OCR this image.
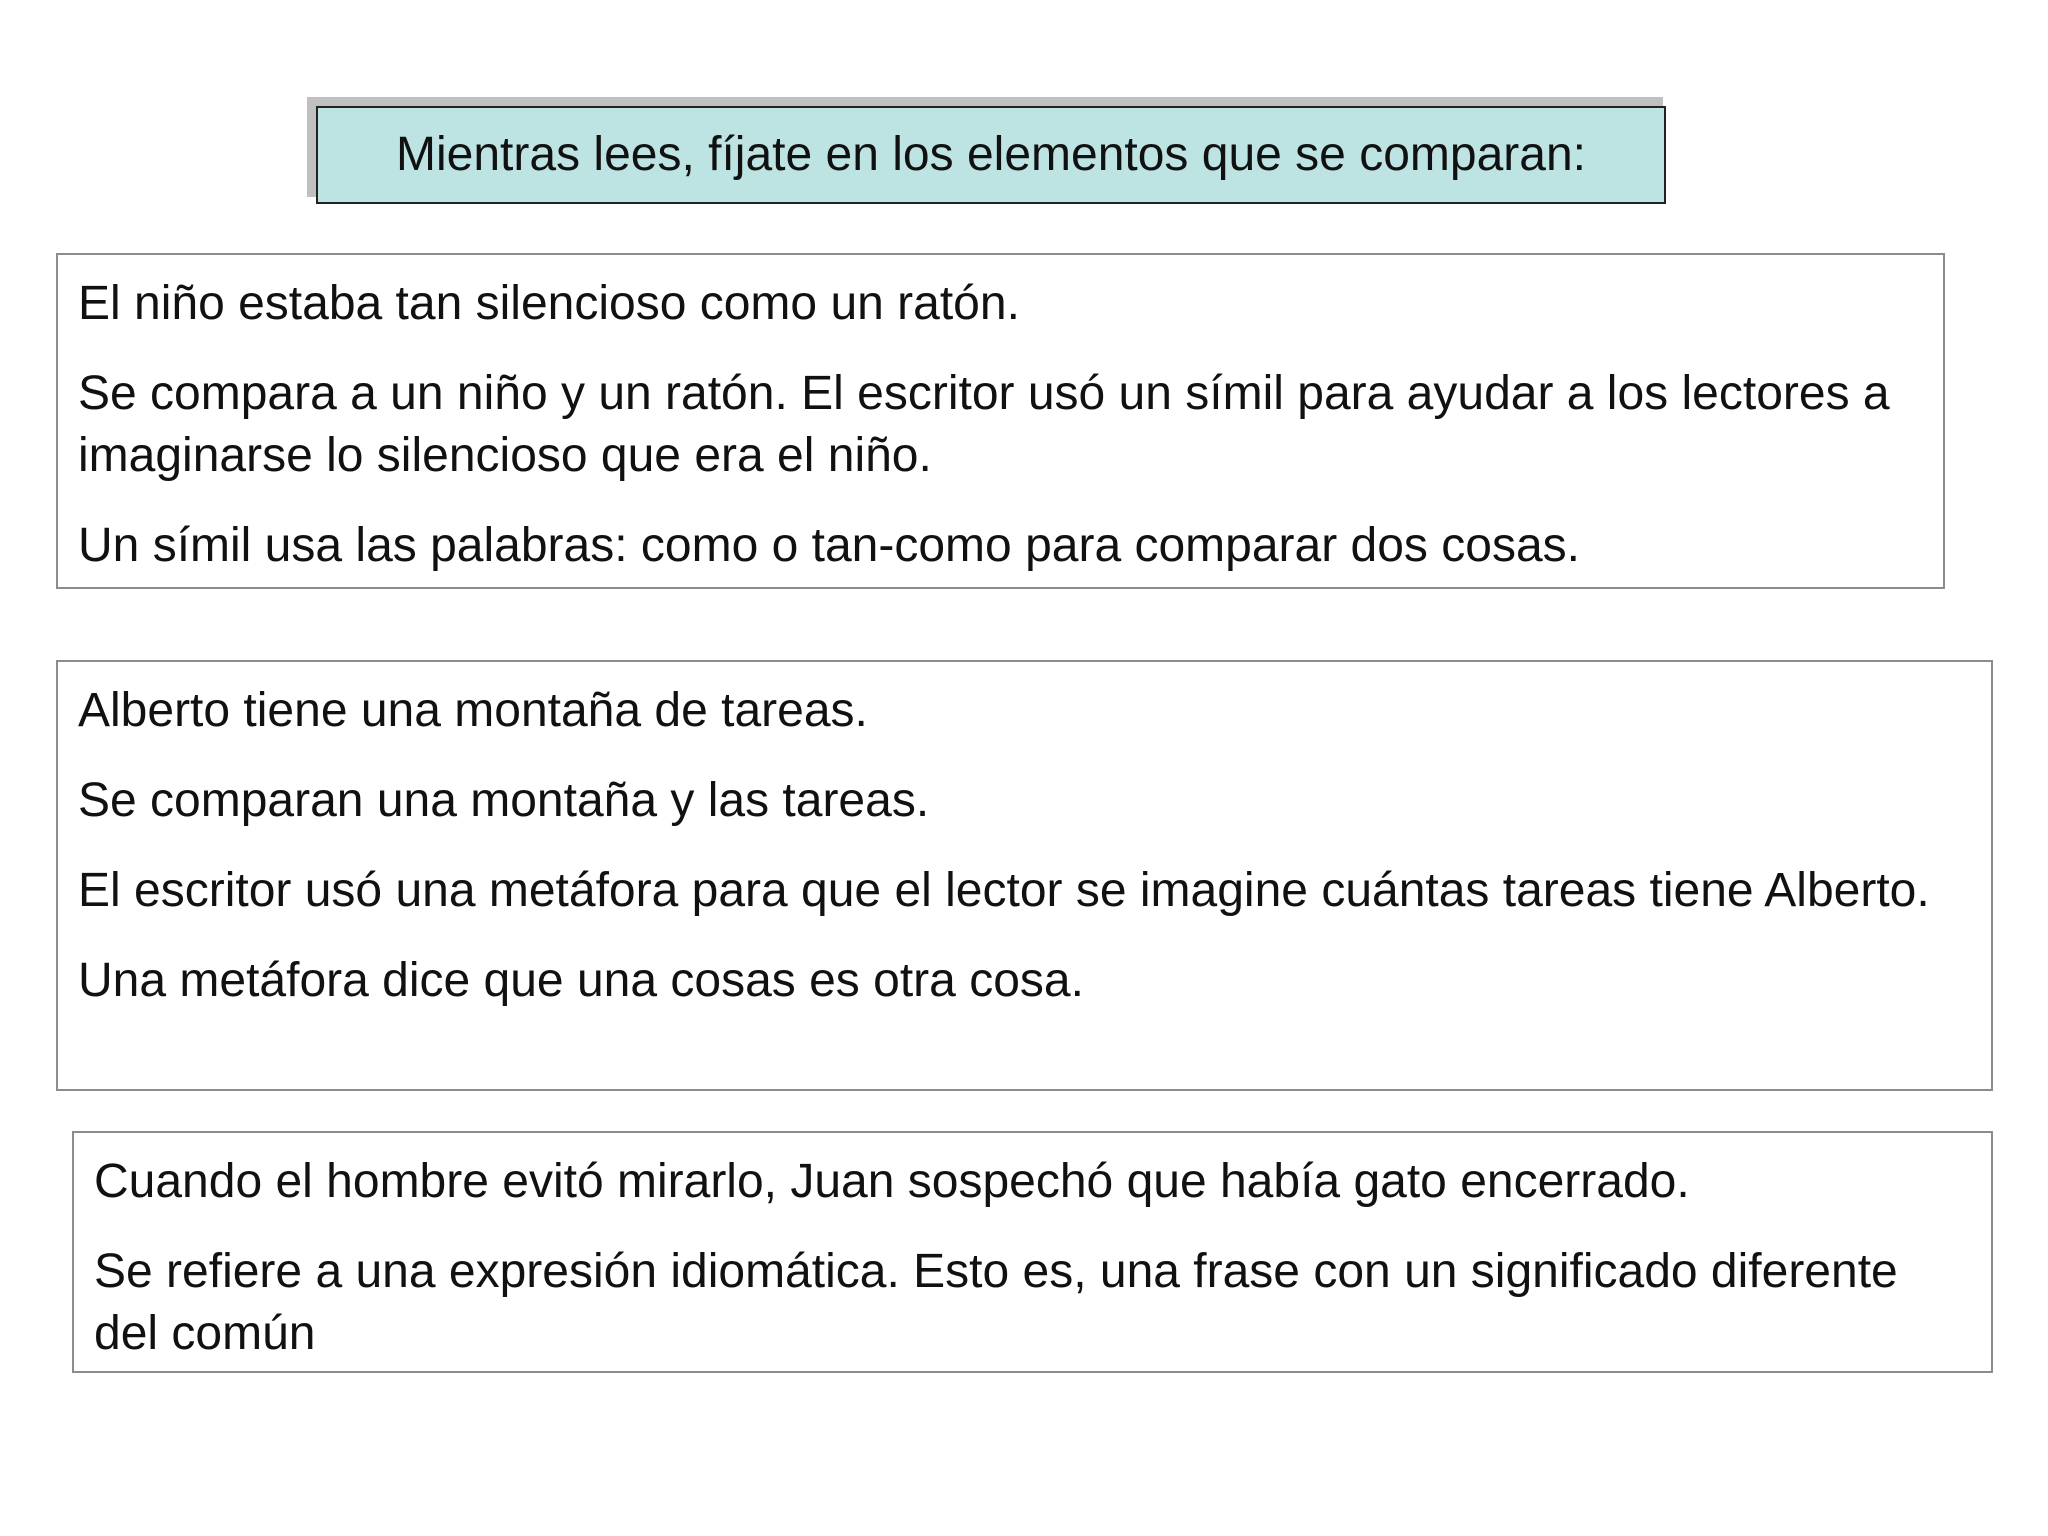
Mientras lees, fíjate en los elementos que se comparan:

El niño estaba tan silencioso como un ratón.

Se compara a un niño y un ratón. El escritor usó un símil para ayudar a los lectores a imaginarse lo silencioso que era el niño.

Un símil usa las palabras: como o tan-como para comparar dos cosas.

Alberto tiene una montaña de tareas.

Se comparan una montaña y las tareas.

El escritor usó una metáfora para que el lector se imagine cuántas tareas tiene Alberto.

Una metáfora dice que una cosas es otra cosa.

Cuando el hombre evitó mirarlo, Juan sospechó que había gato encerrado.

Se refiere a una expresión idiomática. Esto es, una frase con un significado diferente del común
